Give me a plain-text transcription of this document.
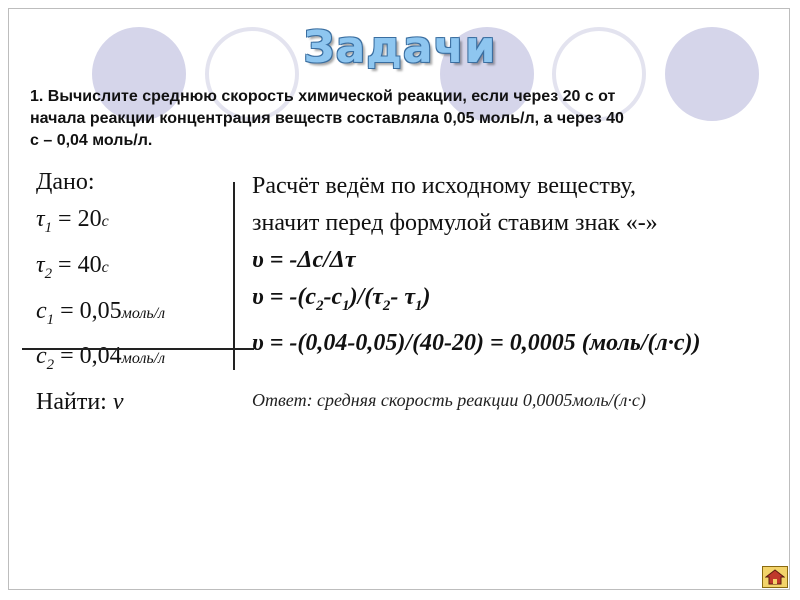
Задачи
1. Вычислите среднюю скорость химической реакции, если через 20 с от
начала реакции концентрация веществ составляла 0,05 моль/л, а через 40
с – 0,04 моль/л.
Дано:
$\tau_1 = 20с$
$\tau_2 = 40с$
$c_1$ = 0,05моль/л
$c_2$ = 0,04моль/л
Найти: v
Расчёт ведём по исходному веществу,
значит перед формулой ставим знак «-»
υ = -Δc/Δτ
$\upsilon = -(c_2-c_1)/(\tau_2-$ $\tau_1$)
υ = -(0,04-0,05)/(40-20) = 0,0005 (моль/(л·с))
Ответ: средняя скорость реакции 0,0005моль/(л·с)
